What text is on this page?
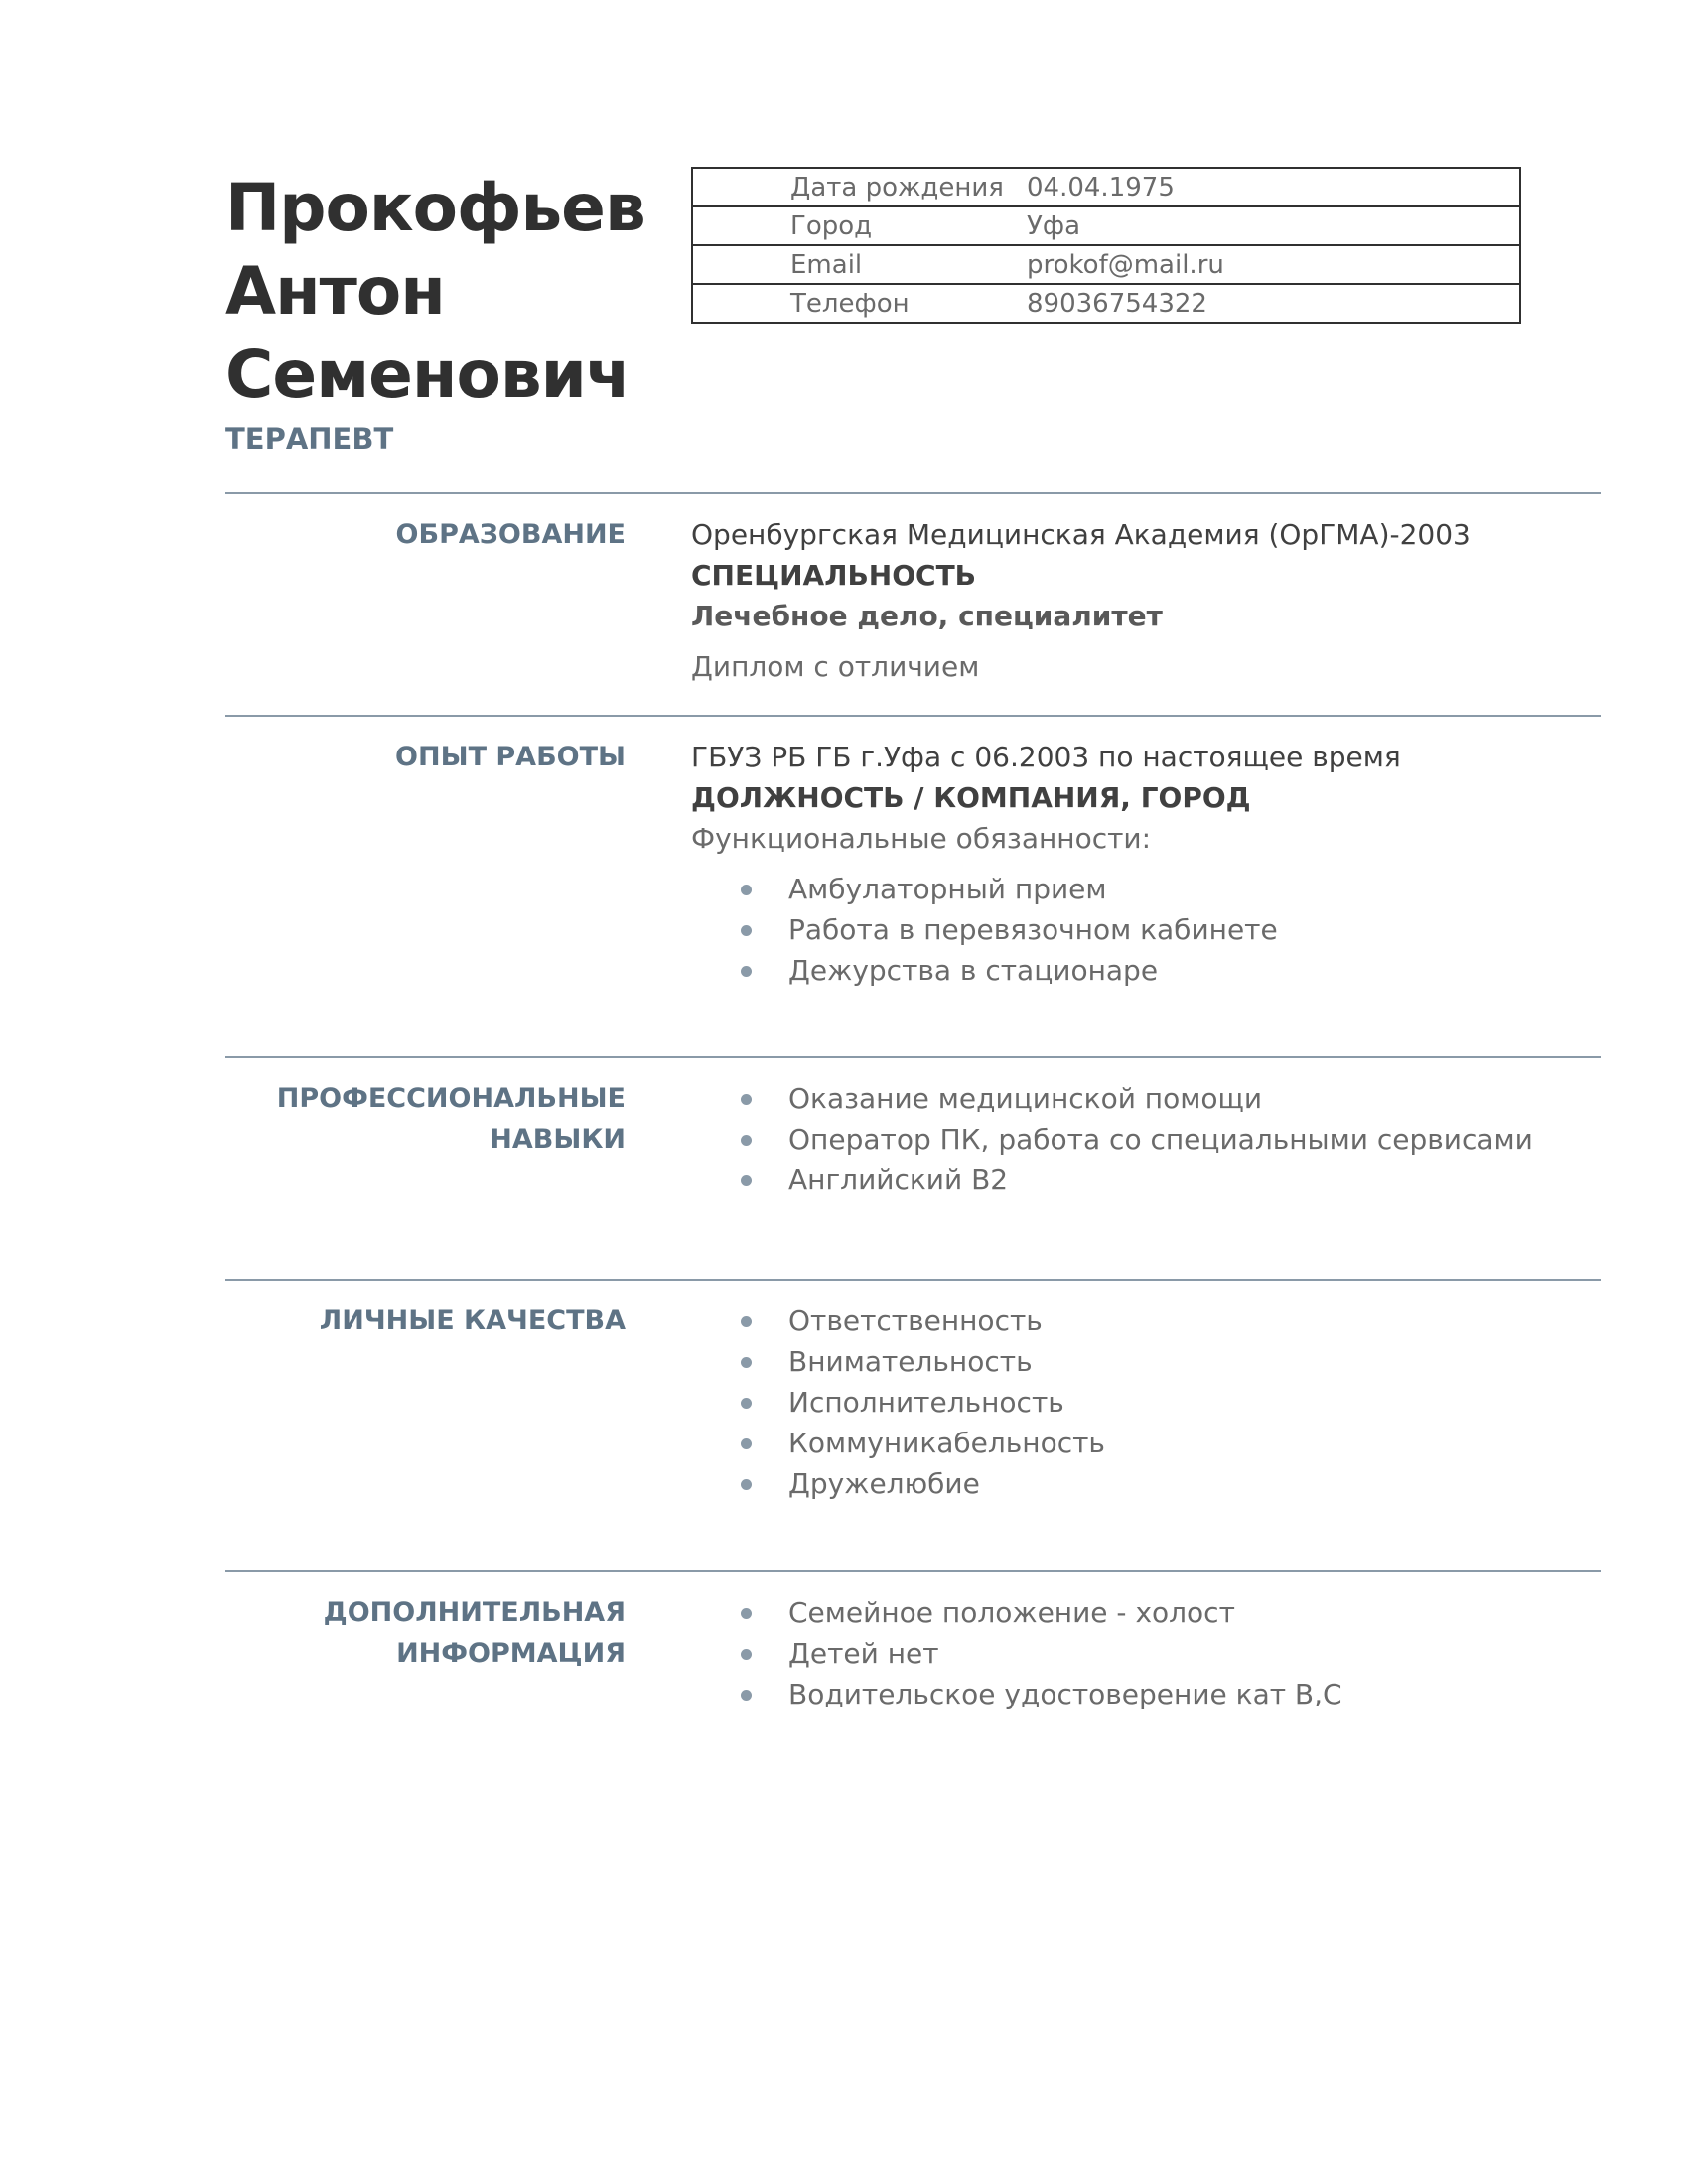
Прокофьев
Антон
Семенович
ТЕРАПЕВТ
Дата рождения 04.04.1975
Город	Уфа
Email	prokof@mail.ru
Телефон	89036754322
ОБРАЗОВАНИЕ Оренбургская Медицинская Академия (ОрГМА)-2003
СПЕЦИАЛЬНОСТЬ
Лечебное дело, специалитет
Диплом с отличием
ОПЫТ РАБОТЫ ГБУЗ РБ ГБ г.Уфа с 06.2003 по настоящее время
ДОЛЖНОСТЬ / КОМПАНИЯ, ГОРОД
Функциональные обязанности:
Амбулаторный прием
Работа в перевязочном кабинете
Дежурства в стационаре
ПРОФЕССИОНАЛЬНЫЕ
НАВЫКИ
Оказание медицинской помощи
Оператор ПК, работа со специальными сервисами
Английский B2
ЛИЧНЫЕ КАЧЕСТВА	Ответственность
Внимательность
Исполнительность
Коммуникабельность
Дружелюбие
ДОПОЛНИТЕЛЬНАЯ
ИНФОРМАЦИЯ
Семейное положение - холост
Детей нет
Водительское удостоверение кат B,C
